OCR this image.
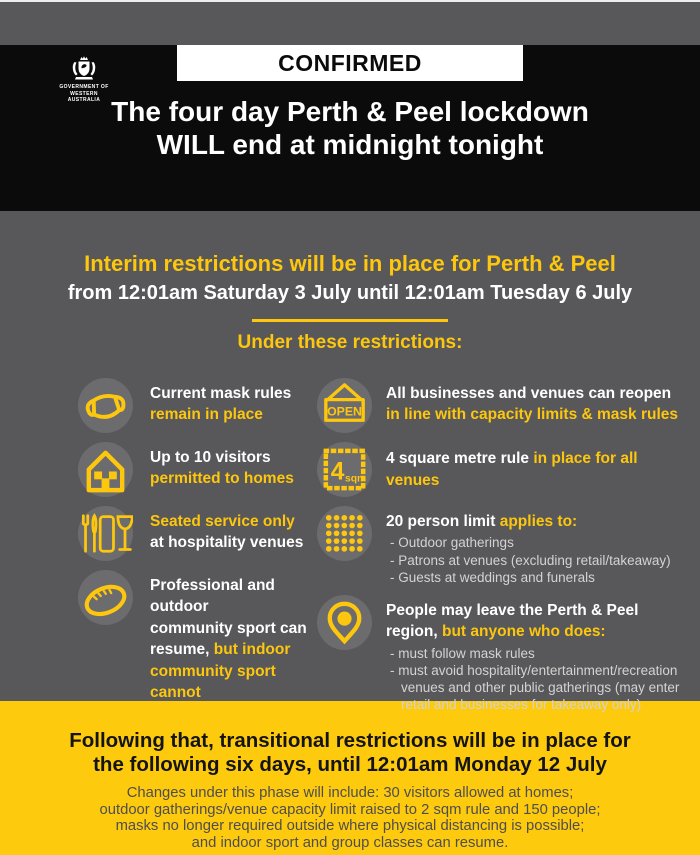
GOVERNMENT OF
WESTERN AUSTRALIA
CONFIRMED
The four day Perth & Peel lockdown
WILL end at midnight tonight
Interim restrictions will be in place for Perth & Peel
from 12:01am Saturday 3 July until 12:01am Tuesday 6 July
Under these restrictions:
Current mask rules
remain in place
Up to 10 visitors
permitted to homes
Seated service only
at hospitality venues
Professional and outdoor
community sport can
resume, but indoor
community sport cannot
OPEN
All businesses and venues can reopen
in line with capacity limits & mask rules
4 sqm
4 square metre rule in place for all venues
20 person limit applies to:
- Outdoor gatherings
- Patrons at venues (excluding retail/takeaway)
- Guests at weddings and funerals
People may leave the Perth & Peel
region, but anyone who does:
- must follow mask rules
- must avoid hospitality/entertainment/recreation venues and other public gatherings (may enter retail and businesses for takeaway only)
Following that, transitional restrictions will be in place for
the following six days, until 12:01am Monday 12 July
Changes under this phase will include: 30 visitors allowed at homes;
outdoor gatherings/venue capacity limit raised to 2 sqm rule and 150 people;
masks no longer required outside where physical distancing is possible;
and indoor sport and group classes can resume.
